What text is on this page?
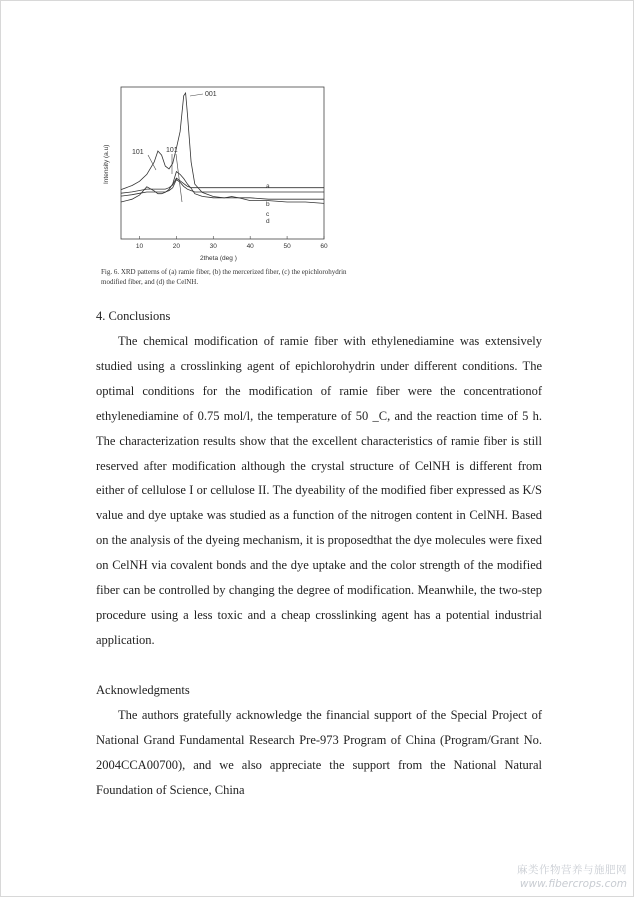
10	20	30	40	50	60
Intensity (a.u)
2theta (deg )
001
101	101
a
b
c
d
Fig. 6. XRD patterns of (a) ramie fiber, (b) the mercerized fiber, (c) the epichlorohydrin modified fiber, and (d) the CelNH.
4. Conclusions
The chemical modification of ramie fiber with ethylenediamine was extensively studied using a crosslinking agent of epichlorohydrin under different conditions. The optimal conditions for the modification of ramie fiber were the concentrationof ethylenediamine of 0.75 mol/l, the temperature of 50 _C, and the reaction time of 5 h. The characterization results show that the excellent characteristics of ramie fiber is still reserved after modification although the crystal structure of CelNH is different from either of cellulose I or cellulose II. The dyeability of the modified fiber expressed as K/S value and dye uptake was studied as a function of the nitrogen content in CelNH. Based on the analysis of the dyeing mechanism, it is proposedthat the dye molecules were fixed on CelNH via covalent bonds and the dye uptake and the color strength of the modified fiber can be controlled by changing the degree of modification. Meanwhile, the two-step procedure using a less toxic and a cheap crosslinking agent has a potential industrial application.
Acknowledgments
The authors gratefully acknowledge the financial support of the Special Project of National Grand Fundamental Research Pre-973 Program of China (Program/Grant No. 2004CCA00700), and we also appreciate the support from the National Natural Foundation of Science, China
麻类作物营养与施肥网
www.fibercrops.com
